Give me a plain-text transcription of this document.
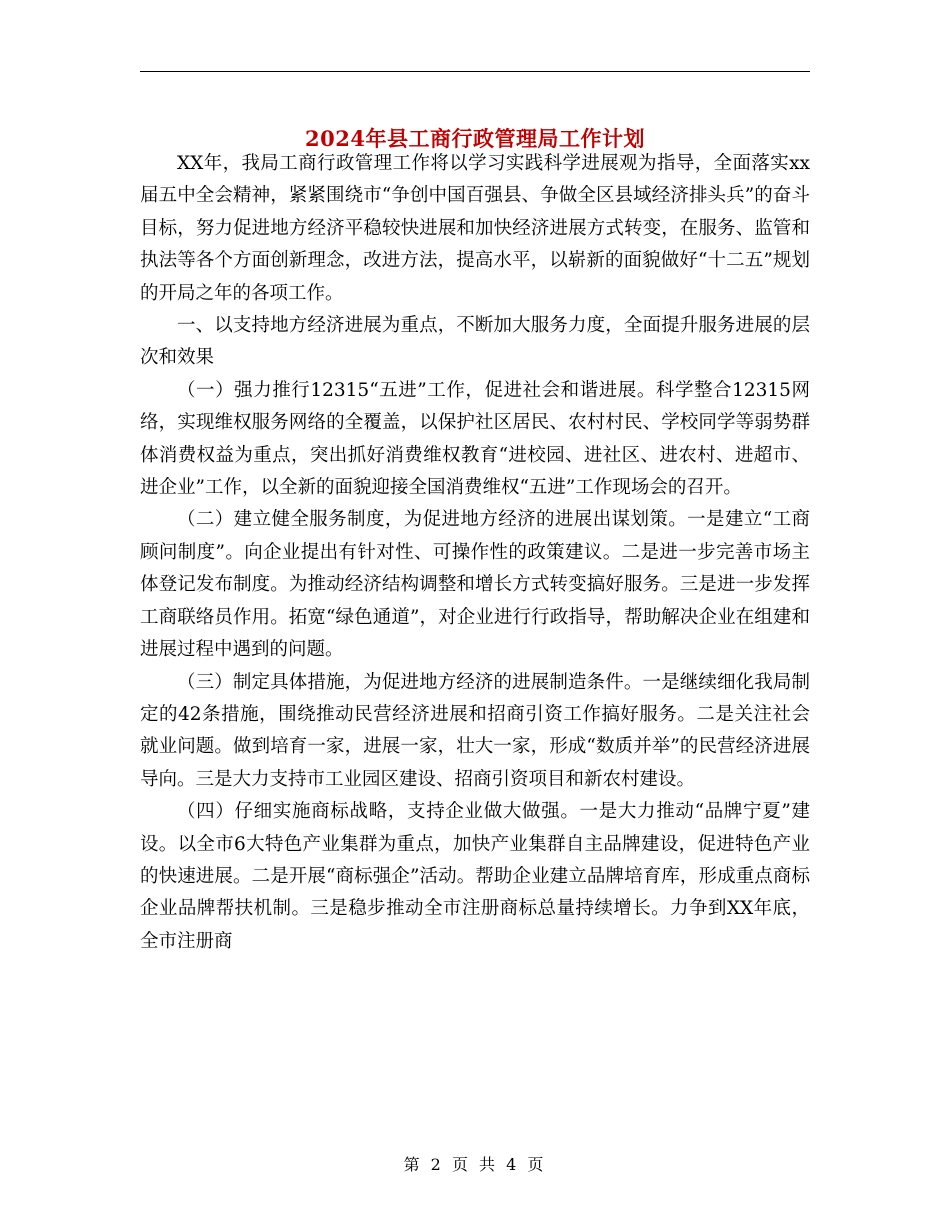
2024年县工商行政管理局工作计划

XX年，我局工商行政管理工作将以学习实践科学进展观为指导，全面落实xx届五中全会精神，紧紧围绕市“争创中国百强县、争做全区县域经济排头兵”的奋斗目标，努力促进地方经济平稳较快进展和加快经济进展方式转变，在服务、监管和执法等各个方面创新理念，改进方法，提高水平，以崭新的面貌做好“十二五”规划的开局之年的各项工作。

一、以支持地方经济进展为重点，不断加大服务力度，全面提升服务进展的层次和效果

（一）强力推行12315“五进”工作，促进社会和谐进展。科学整合12315网络，实现维权服务网络的全覆盖，以保护社区居民、农村村民、学校同学等弱势群体消费权益为重点，突出抓好消费维权教育“进校园、进社区、进农村、进超市、进企业”工作，以全新的面貌迎接全国消费维权“五进”工作现场会的召开。

（二）建立健全服务制度，为促进地方经济的进展出谋划策。一是建立“工商顾问制度”。向企业提出有针对性、可操作性的政策建议。二是进一步完善市场主体登记发布制度。为推动经济结构调整和增长方式转变搞好服务。三是进一步发挥工商联络员作用。拓宽“绿色通道”，对企业进行行政指导，帮助解决企业在组建和进展过程中遇到的问题。

（三）制定具体措施，为促进地方经济的进展制造条件。一是继续细化我局制定的42条措施，围绕推动民营经济进展和招商引资工作搞好服务。二是关注社会就业问题。做到培育一家，进展一家，壮大一家，形成“数质并举”的民营经济进展导向。三是大力支持市工业园区建设、招商引资项目和新农村建设。

（四）仔细实施商标战略，支持企业做大做强。一是大力推动“品牌宁夏”建设。以全市6大特色产业集群为重点，加快产业集群自主品牌建设，促进特色产业的快速进展。二是开展“商标强企”活动。帮助企业建立品牌培育库，形成重点商标企业品牌帮扶机制。三是稳步推动全市注册商标总量持续增长。力争到XX年底，全市注册商

第 2 页 共 4 页
